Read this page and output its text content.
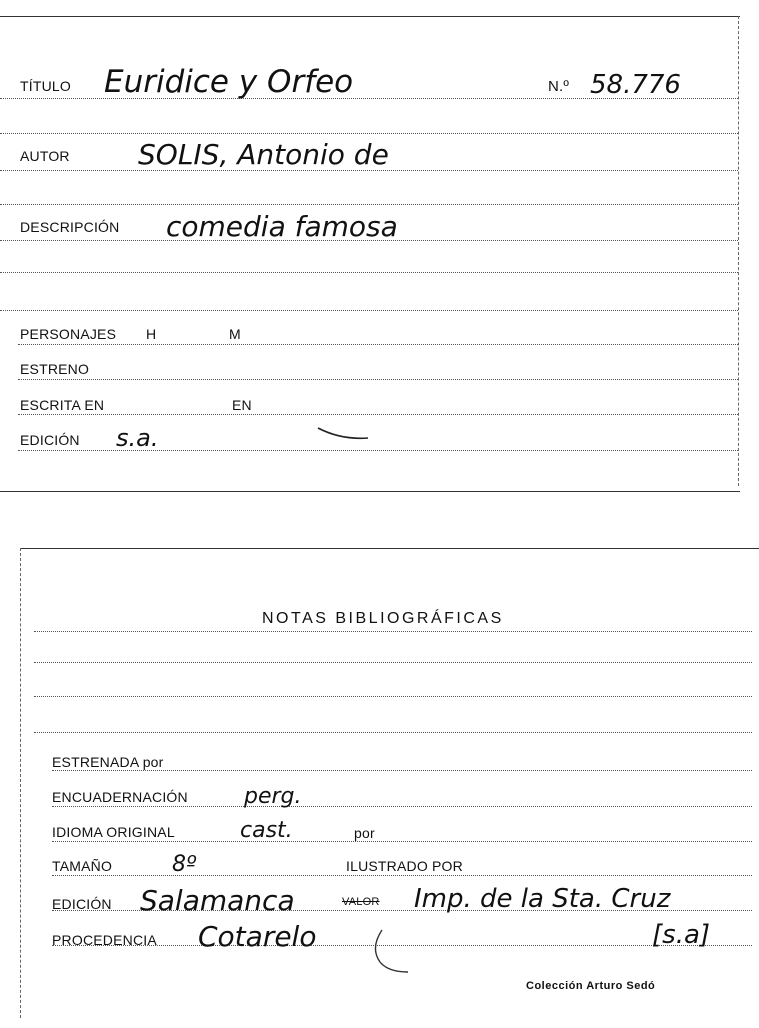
TÍTULO Euridice y Orfeo	N.º 58.776
AUTOR SOLIS, Antonio de
DESCRIPCIÓN comedia famosa
PERSONAJES H	M
ESTRENO
ESCRITA EN	EN
EDICIÓN s.a.
NOTAS BIBLIOGRÁFICAS
ESTRENADA por
ENCUADERNACIÓN	perg.
IDIOMA ORIGINAL	cast.	por
TAMAÑO	8º	ILUSTRADO POR
EDICIÓN Salamanca	VALOR Imp. de la Sta. Cruz
PROCEDENCIA Cotarelo	[s.a]
Colección Arturo Sedó
